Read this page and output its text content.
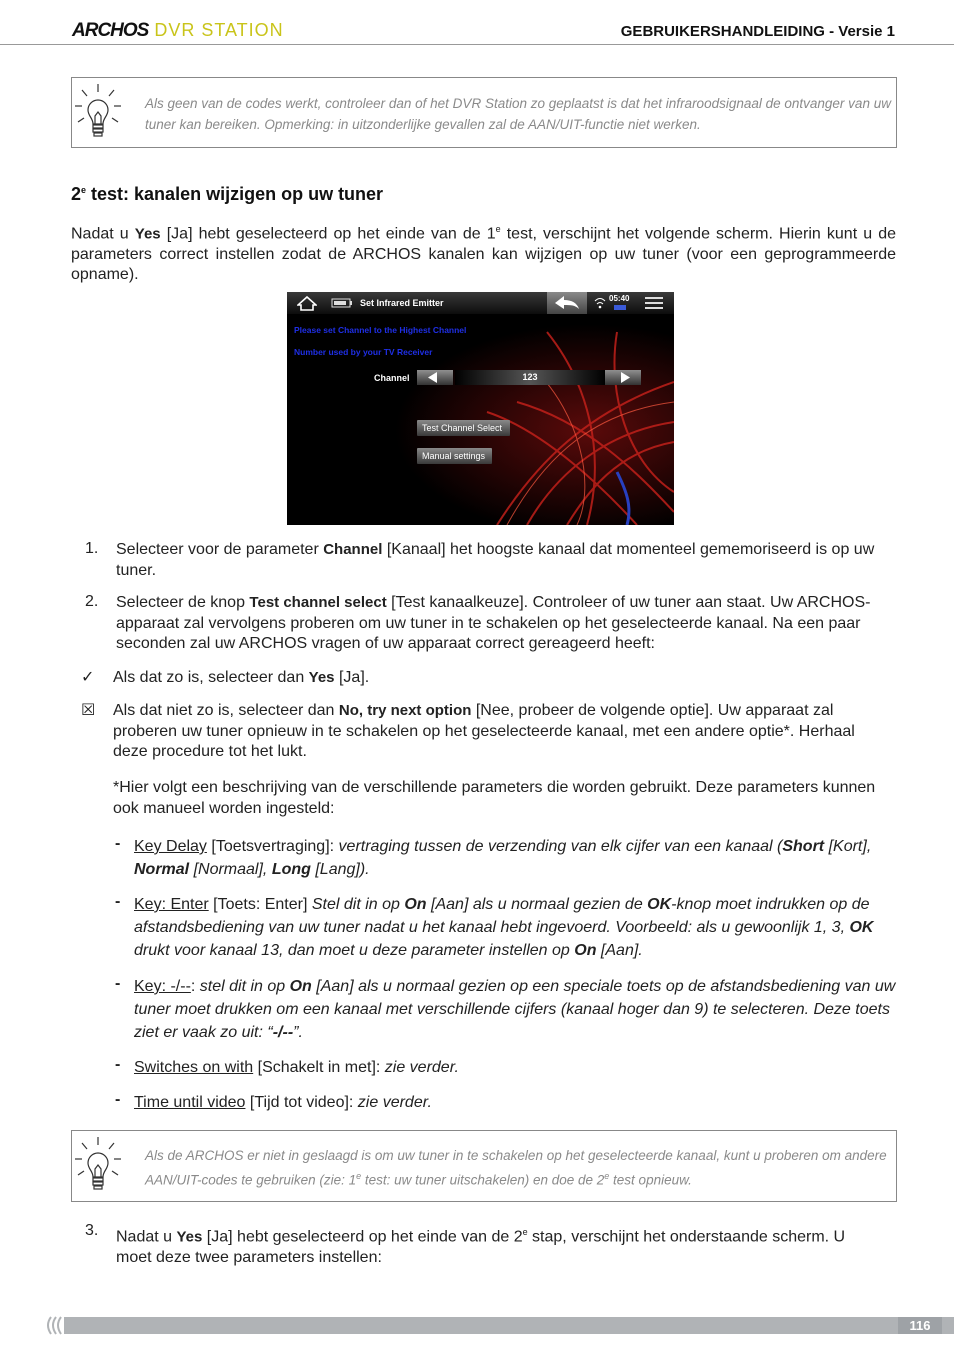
ARCHOS DVR STATION	GEBRUIKERSHANDLEIDING - Versie 1
Als geen van de codes werkt, controleer dan of het DVR Station zo geplaatst is dat het infraroodsignaal de ontvanger van uw tuner kan bereiken. Opmerking: in uitzonderlijke gevallen zal de AAN/UIT-functie niet werken.
2e test: kanalen wijzigen op uw tuner
Nadat u Yes [Ja] hebt geselecteerd op het einde van de 1e test, verschijnt het volgende scherm. Hierin kunt u de parameters correct instellen zodat de ARCHOS kanalen kan wijzigen op uw tuner (voor een geprogrammeerde opname).
Set Infrared Emitter	05:40
Please set Channel to the Highest Channel
Number used by your TV Receiver
Channel	123
Test Channel Select
Manual settings
1. Selecteer voor de parameter Channel [Kanaal] het hoogste kanaal dat momenteel gememoriseerd is op uw tuner.
2. Selecteer de knop Test channel select [Test kanaalkeuze]. Controleer of uw tuner aan staat. Uw ARCHOS-apparaat zal vervolgens proberen om uw tuner in te schakelen op het geselecteerde kanaal. Na een paar seconden zal uw ARCHOS vragen of uw apparaat correct gereageerd heeft:
✓ Als dat zo is, selecteer dan Yes [Ja].
☒ Als dat niet zo is, selecteer dan No, try next option [Nee, probeer de volgende optie]. Uw apparaat zal proberen uw tuner opnieuw in te schakelen op het geselecteerde kanaal, met een andere optie*. Herhaal deze procedure tot het lukt.
*Hier volgt een beschrijving van de verschillende parameters die worden gebruikt. Deze parameters kunnen ook manueel worden ingesteld:
- Key Delay [Toetsvertraging]: vertraging tussen de verzending van elk cijfer van een kanaal (Short [Kort], Normal [Normaal], Long [Lang]).
- Key: Enter [Toets: Enter] Stel dit in op On [Aan] als u normaal gezien de OK-knop moet indrukken op de afstandsbediening van uw tuner nadat u het kanaal hebt ingevoerd. Voorbeeld: als u gewoonlijk 1, 3, OK drukt voor kanaal 13, dan moet u deze parameter instellen op On [Aan].
- Key: -/--: stel dit in op On [Aan] als u normaal gezien op een speciale toets op de afstandsbediening van uw tuner moet drukken om een kanaal met verschillende cijfers (kanaal hoger dan 9) te selecteren. Deze toets ziet er vaak zo uit: “-/--”.
- Switches on with [Schakelt in met]: zie verder.
- Time until video [Tijd tot video]: zie verder.
Als de ARCHOS er niet in geslaagd is om uw tuner in te schakelen op het geselecteerde kanaal, kunt u proberen om andere AAN/UIT-codes te gebruiken (zie: 1e test: uw tuner uitschakelen) en doe de 2e test opnieuw.
3. Nadat u Yes [Ja] hebt geselecteerd op het einde van de 2e stap, verschijnt het onderstaande scherm. U moet deze twee parameters instellen:
116
